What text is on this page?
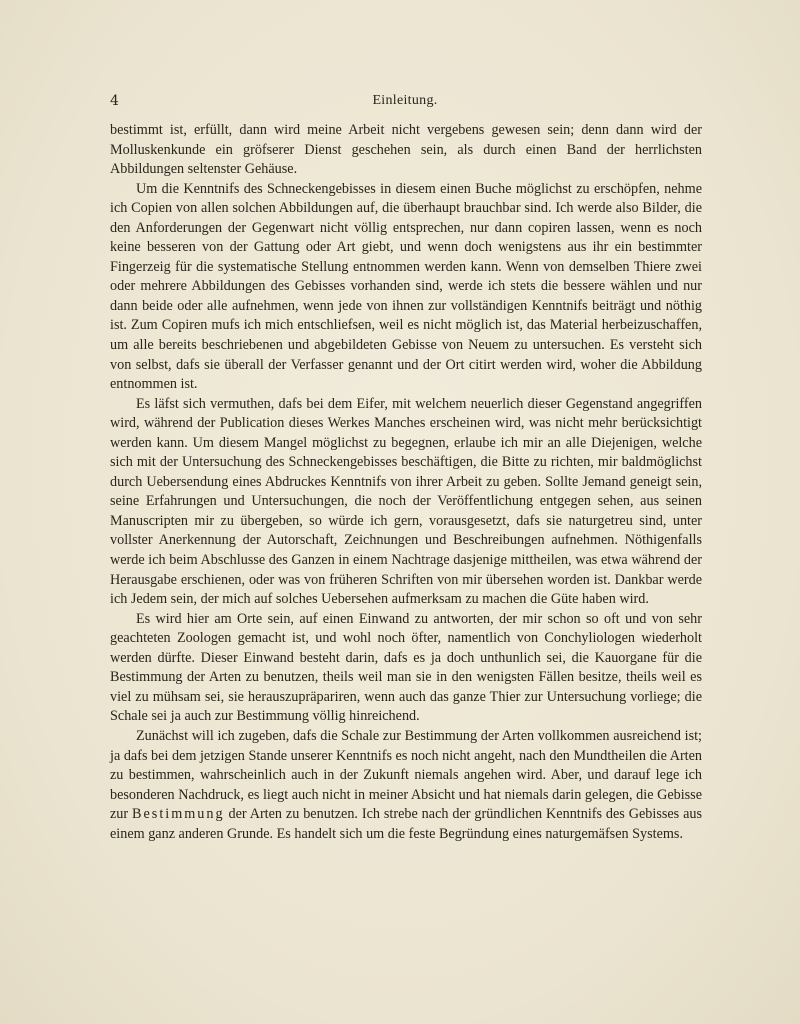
4	Einleitung.

bestimmt ist, erfüllt, dann wird meine Arbeit nicht vergebens gewesen sein; denn dann wird der Molluskenkunde ein gröfserer Dienst geschehen sein, als durch einen Band der herrlichsten Abbildungen seltenster Gehäuse.

Um die Kenntnifs des Schneckengebisses in diesem einen Buche möglichst zu erschöpfen, nehme ich Copien von allen solchen Abbildungen auf, die überhaupt brauchbar sind. Ich werde also Bilder, die den Anforderungen der Gegenwart nicht völlig entsprechen, nur dann copiren lassen, wenn es noch keine besseren von der Gattung oder Art giebt, und wenn doch wenigstens aus ihr ein bestimmter Fingerzeig für die systematische Stellung entnommen werden kann. Wenn von demselben Thiere zwei oder mehrere Abbildungen des Gebisses vorhanden sind, werde ich stets die bessere wählen und nur dann beide oder alle aufnehmen, wenn jede von ihnen zur vollständigen Kenntnifs beiträgt und nöthig ist. Zum Copiren mufs ich mich entschliefsen, weil es nicht möglich ist, das Material herbeizuschaffen, um alle bereits beschriebenen und abgebildeten Gebisse von Neuem zu untersuchen. Es versteht sich von selbst, dafs sie überall der Verfasser genannt und der Ort citirt werden wird, woher die Abbildung entnommen ist.

Es läfst sich vermuthen, dafs bei dem Eifer, mit welchem neuerlich dieser Gegenstand angegriffen wird, während der Publication dieses Werkes Manches erscheinen wird, was nicht mehr berücksichtigt werden kann. Um diesem Mangel möglichst zu begegnen, erlaube ich mir an alle Diejenigen, welche sich mit der Untersuchung des Schneckengebisses beschäftigen, die Bitte zu richten, mir baldmöglichst durch Uebersendung eines Abdruckes Kenntnifs von ihrer Arbeit zu geben. Sollte Jemand geneigt sein, seine Erfahrungen und Untersuchungen, die noch der Veröffentlichung entgegen sehen, aus seinen Manuscripten mir zu übergeben, so würde ich gern, vorausgesetzt, dafs sie naturgetreu sind, unter vollster Anerkennung der Autorschaft, Zeichnungen und Beschreibungen aufnehmen. Nöthigenfalls werde ich beim Abschlusse des Ganzen in einem Nachtrage dasjenige mittheilen, was etwa während der Herausgabe erschienen, oder was von früheren Schriften von mir übersehen worden ist. Dankbar werde ich Jedem sein, der mich auf solches Uebersehen aufmerksam zu machen die Güte haben wird.

Es wird hier am Orte sein, auf einen Einwand zu antworten, der mir schon so oft und von sehr geachteten Zoologen gemacht ist, und wohl noch öfter, namentlich von Conchyliologen wiederholt werden dürfte. Dieser Einwand besteht darin, dafs es ja doch unthunlich sei, die Kauorgane für die Bestimmung der Arten zu benutzen, theils weil man sie in den wenigsten Fällen besitze, theils weil es viel zu mühsam sei, sie herauszupräpariren, wenn auch das ganze Thier zur Untersuchung vorliege; die Schale sei ja auch zur Bestimmung völlig hinreichend.

Zunächst will ich zugeben, dafs die Schale zur Bestimmung der Arten vollkommen ausreichend ist; ja dafs bei dem jetzigen Stande unserer Kenntnifs es noch nicht angeht, nach den Mundtheilen die Arten zu bestimmen, wahrscheinlich auch in der Zukunft niemals angehen wird. Aber, und darauf lege ich besonderen Nachdruck, es liegt auch nicht in meiner Absicht und hat niemals darin gelegen, die Gebisse zur Bestimmung der Arten zu benutzen. Ich strebe nach der gründlichen Kenntnifs des Gebisses aus einem ganz anderen Grunde. Es handelt sich um die feste Begründung eines naturgemäfsen Systems.
